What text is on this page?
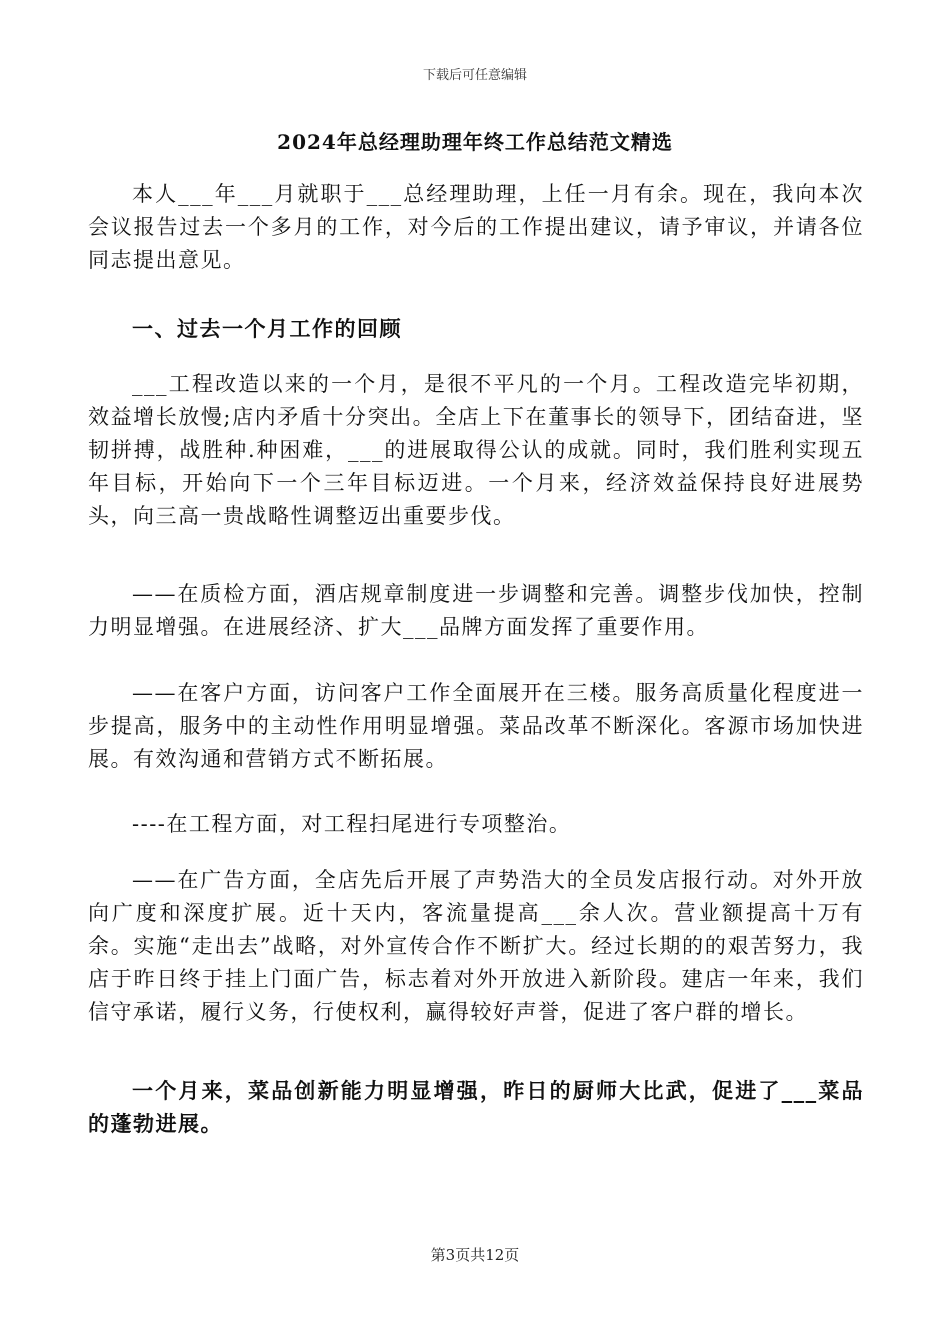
下载后可任意编辑
2024年总经理助理年终工作总结范文精选

本人___年___月就职于___总经理助理，上任一月有余。现在，我向本次会议报告过去一个多月的工作，对今后的工作提出建议，请予审议，并请各位同志提出意见。

一、过去一个月工作的回顾

___工程改造以来的一个月，是很不平凡的一个月。工程改造完毕初期，效益增长放慢;店内矛盾十分突出。全店上下在董事长的领导下，团结奋进，坚韧拼搏，战胜种.种困难，___的进展取得公认的成就。同时，我们胜利实现五年目标，开始向下一个三年目标迈进。一个月来，经济效益保持良好进展势头，向三高一贵战略性调整迈出重要步伐。

——在质检方面，酒店规章制度进一步调整和完善。调整步伐加快，控制力明显增强。在进展经济、扩大___品牌方面发挥了重要作用。

——在客户方面，访问客户工作全面展开在三楼。服务高质量化程度进一步提高，服务中的主动性作用明显增强。菜品改革不断深化。客源市场加快进展。有效沟通和营销方式不断拓展。

----在工程方面，对工程扫尾进行专项整治。

——在广告方面，全店先后开展了声势浩大的全员发店报行动。对外开放向广度和深度扩展。近十天内，客流量提高___余人次。营业额提高十万有余。实施“走出去”战略，对外宣传合作不断扩大。经过长期的的艰苦努力，我店于昨日终于挂上门面广告，标志着对外开放进入新阶段。建店一年来，我们信守承诺，履行义务，行使权利，赢得较好声誉，促进了客户群的增长。

一个月来，菜品创新能力明显增强，昨日的厨师大比武，促进了___菜品的蓬勃进展。

第3页共12页
